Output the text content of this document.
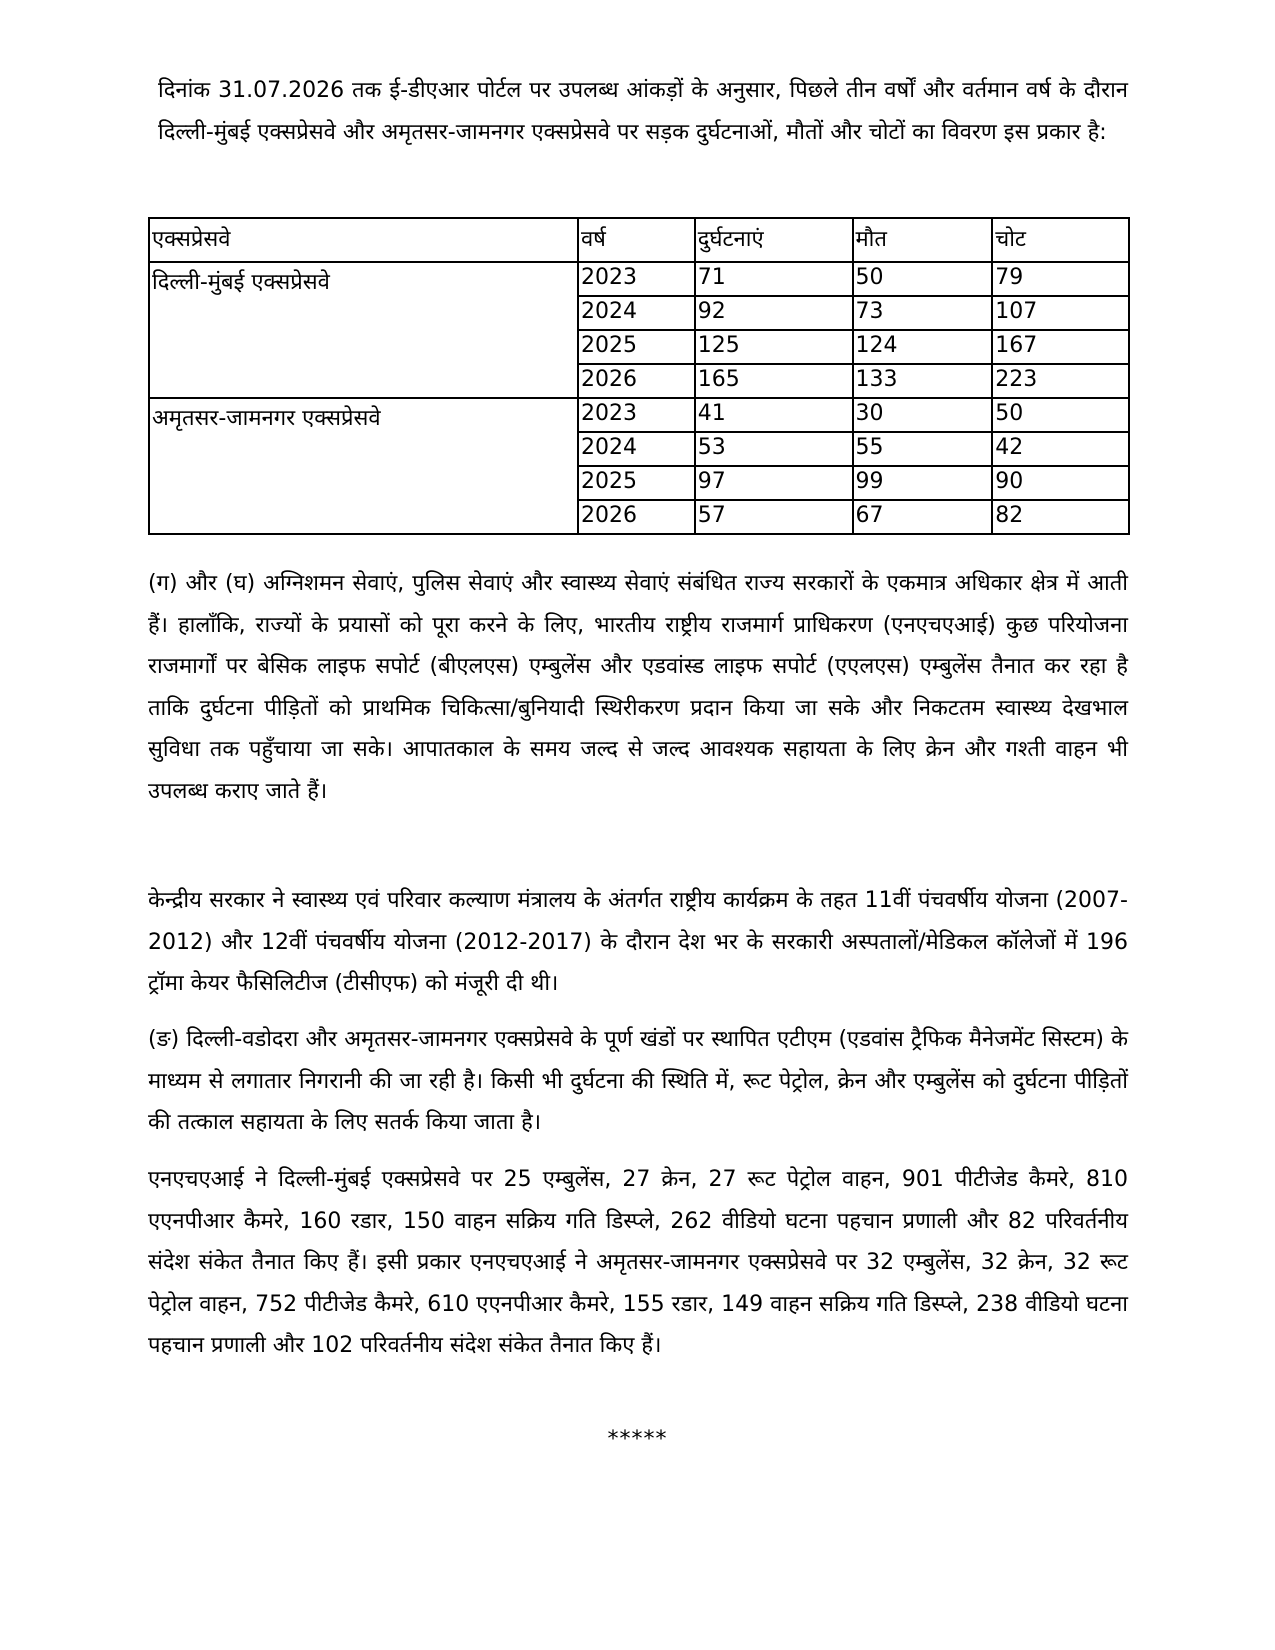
दिनांक 31.07.2026 तक ई-डीएआर पोर्टल पर उपलब्ध आंकड़ों के अनुसार, पिछले तीन वर्षों और वर्तमान वर्ष के दौरान दिल्ली-मुंबई एक्सप्रेसवे और अमृतसर-जामनगर एक्सप्रेसवे पर सड़क दुर्घटनाओं, मौतों और चोटों का विवरण इस प्रकार है:

एक्सप्रेसवे	वर्ष	दुर्घटनाएं	मौत	चोट
दिल्ली-मुंबई एक्सप्रेसवे	2023	71	50	79
	2024	92	73	107
	2025	125	124	167
	2026	165	133	223
अमृतसर-जामनगर एक्सप्रेसवे	2023	41	30	50
	2024	53	55	42
	2025	97	99	90
	2026	57	67	82

(ग) और (घ) अग्निशमन सेवाएं, पुलिस सेवाएं और स्वास्थ्य सेवाएं संबंधित राज्य सरकारों के एकमात्र अधिकार क्षेत्र में आती हैं। हालाँकि, राज्यों के प्रयासों को पूरा करने के लिए, भारतीय राष्ट्रीय राजमार्ग प्राधिकरण (एनएचएआई) कुछ परियोजना राजमार्गों पर बेसिक लाइफ सपोर्ट (बीएलएस) एम्बुलेंस और एडवांस्ड लाइफ सपोर्ट (एएलएस) एम्बुलेंस तैनात कर रहा है ताकि दुर्घटना पीड़ितों को प्राथमिक चिकित्सा/बुनियादी स्थिरीकरण प्रदान किया जा सके और निकटतम स्वास्थ्य देखभाल सुविधा तक पहुँचाया जा सके। आपातकाल के समय जल्द से जल्द आवश्यक सहायता के लिए क्रेन और गश्ती वाहन भी उपलब्ध कराए जाते हैं।

केन्द्रीय सरकार ने स्वास्थ्य एवं परिवार कल्याण मंत्रालय के अंतर्गत राष्ट्रीय कार्यक्रम के तहत 11वीं पंचवर्षीय योजना (2007-2012) और 12वीं पंचवर्षीय योजना (2012-2017) के दौरान देश भर के सरकारी अस्पतालों/मेडिकल कॉलेजों में 196 ट्रॉमा केयर फैसिलिटीज (टीसीएफ) को मंजूरी दी थी।

(ङ) दिल्ली-वडोदरा और अमृतसर-जामनगर एक्सप्रेसवे के पूर्ण खंडों पर स्थापित एटीएम (एडवांस ट्रैफिक मैनेजमेंट सिस्टम) के माध्यम से लगातार निगरानी की जा रही है। किसी भी दुर्घटना की स्थिति में, रूट पेट्रोल, क्रेन और एम्बुलेंस को दुर्घटना पीड़ितों की तत्काल सहायता के लिए सतर्क किया जाता है।

एनएचएआई ने दिल्ली-मुंबई एक्सप्रेसवे पर 25 एम्बुलेंस, 27 क्रेन, 27 रूट पेट्रोल वाहन, 901 पीटीजेड कैमरे, 810 एएनपीआर कैमरे, 160 रडार, 150 वाहन सक्रिय गति डिस्प्ले, 262 वीडियो घटना पहचान प्रणाली और 82 परिवर्तनीय संदेश संकेत तैनात किए हैं। इसी प्रकार एनएचएआई ने अमृतसर-जामनगर एक्सप्रेसवे पर 32 एम्बुलेंस, 32 क्रेन, 32 रूट पेट्रोल वाहन, 752 पीटीजेड कैमरे, 610 एएनपीआर कैमरे, 155 रडार, 149 वाहन सक्रिय गति डिस्प्ले, 238 वीडियो घटना पहचान प्रणाली और 102 परिवर्तनीय संदेश संकेत तैनात किए हैं।

*****
